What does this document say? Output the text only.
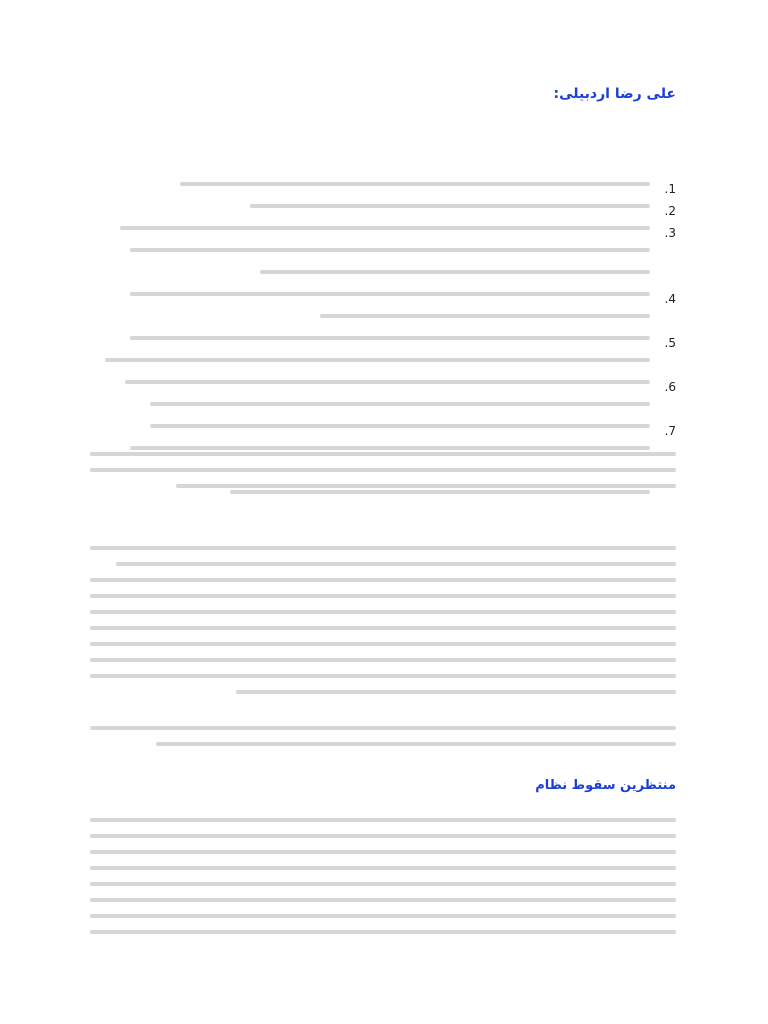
علی رضا اردبیلی:
1.
2.
3.
4.
5.
6.
7.
منتظرين سقوط نظام
